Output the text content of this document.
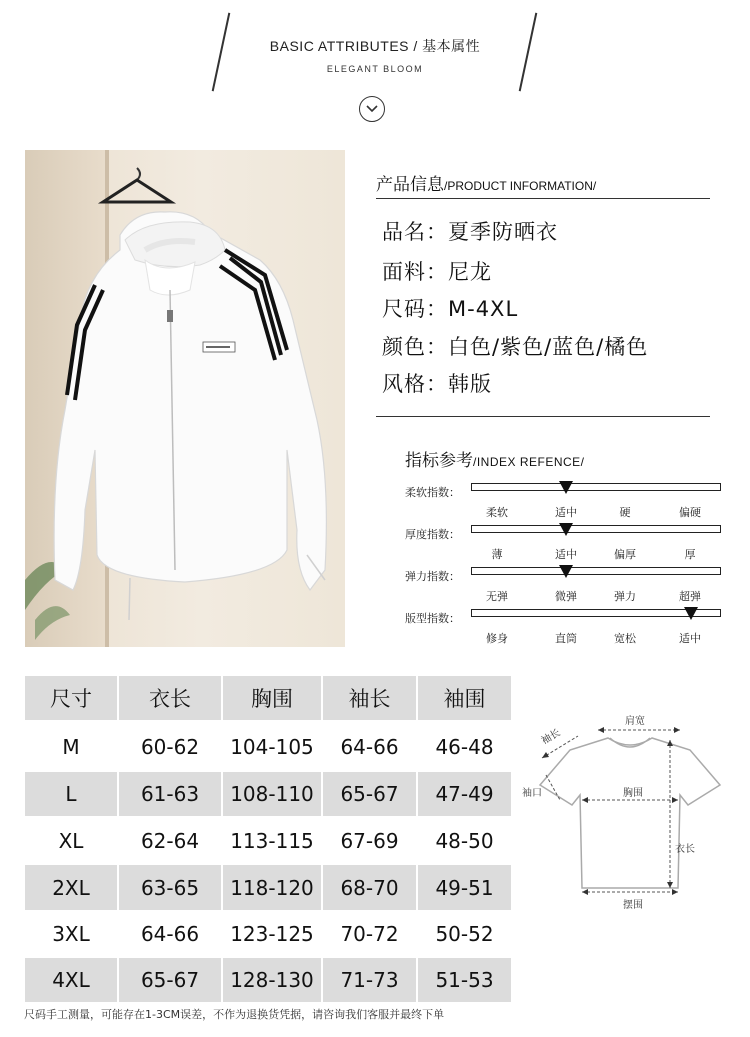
BASIC ATTRIBUTES / 基本属性
ELEGANT BLOOM
产品信息/PRODUCT INFORMATION/
品名：夏季防晒衣
面料：尼龙
尺码：M-4XL
颜色：白色/紫色/蓝色/橘色
风格：韩版
指标参考/INDEX REFENCE/
柔软指数：
柔软	适中	硬	偏硬
厚度指数：
薄	适中	偏厚	厚
弹力指数：
无弹	微弹	弹力	超弹
版型指数：
修身	直筒	宽松	适中
尺寸	衣长	胸围	袖长	袖围
M	60-62	104-105	64-66	46-48
L	61-63	108-110	65-67	47-49
XL	62-64	113-115	67-69	48-50
2XL	63-65	118-120	68-70	49-51
3XL	64-66	123-125	70-72	50-52
4XL	65-67	128-130	71-73	51-53
肩宽
袖长
袖口	胸围
衣长
摆围
尺码手工测量，可能存在1-3CM误差，不作为退换货凭据，请咨询我们客服并最终下单
